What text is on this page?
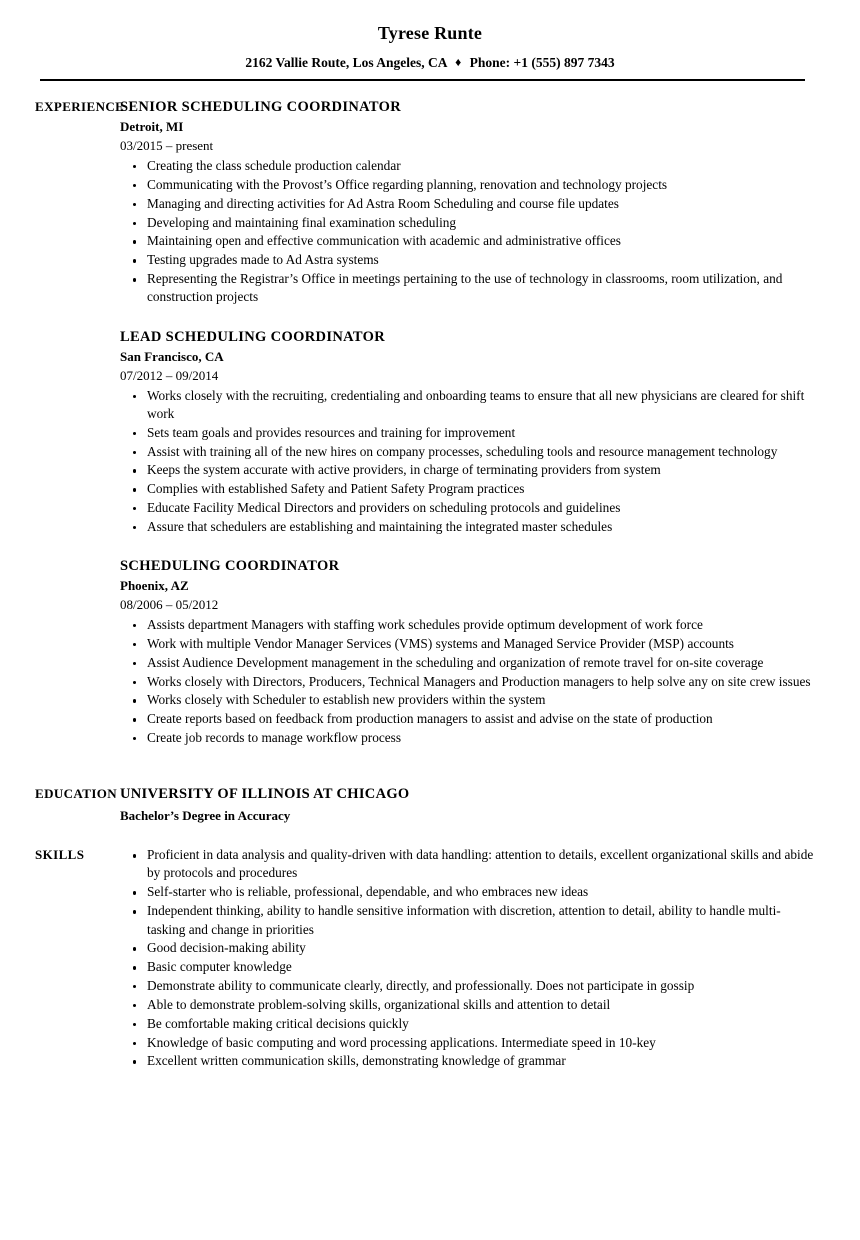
Tyrese Runte
2162 Vallie Route, Los Angeles, CA ♦ Phone: +1 (555) 897 7343
EXPERIENCE
SENIOR SCHEDULING COORDINATOR
Detroit, MI
03/2015 – present
Creating the class schedule production calendar
Communicating with the Provost’s Office regarding planning, renovation and technology projects
Managing and directing activities for Ad Astra Room Scheduling and course file updates
Developing and maintaining final examination scheduling
Maintaining open and effective communication with academic and administrative offices
Testing upgrades made to Ad Astra systems
Representing the Registrar’s Office in meetings pertaining to the use of technology in classrooms, room utilization, and construction projects
LEAD SCHEDULING COORDINATOR
San Francisco, CA
07/2012 – 09/2014
Works closely with the recruiting, credentialing and onboarding teams to ensure that all new physicians are cleared for shift work
Sets team goals and provides resources and training for improvement
Assist with training all of the new hires on company processes, scheduling tools and resource management technology
Keeps the system accurate with active providers, in charge of terminating providers from system
Complies with established Safety and Patient Safety Program practices
Educate Facility Medical Directors and providers on scheduling protocols and guidelines
Assure that schedulers are establishing and maintaining the integrated master schedules
SCHEDULING COORDINATOR
Phoenix, AZ
08/2006 – 05/2012
Assists department Managers with staffing work schedules provide optimum development of work force
Work with multiple Vendor Manager Services (VMS) systems and Managed Service Provider (MSP) accounts
Assist Audience Development management in the scheduling and organization of remote travel for on-site coverage
Works closely with Directors, Producers, Technical Managers and Production managers to help solve any on site crew issues
Works closely with Scheduler to establish new providers within the system
Create reports based on feedback from production managers to assist and advise on the state of production
Create job records to manage workflow process
EDUCATION UNIVERSITY OF ILLINOIS AT CHICAGO
Bachelor’s Degree in Accuracy
SKILLS	Proficient in data analysis and quality-driven with data handling: attention to details, excellent organizational skills and abide by protocols and procedures
Self-starter who is reliable, professional, dependable, and who embraces new ideas
Independent thinking, ability to handle sensitive information with discretion, attention to detail, ability to handle multi-tasking and change in priorities
Good decision-making ability
Basic computer knowledge
Demonstrate ability to communicate clearly, directly, and professionally. Does not participate in gossip
Able to demonstrate problem-solving skills, organizational skills and attention to detail
Be comfortable making critical decisions quickly
Knowledge of basic computing and word processing applications. Intermediate speed in 10-key
Excellent written communication skills, demonstrating knowledge of grammar
